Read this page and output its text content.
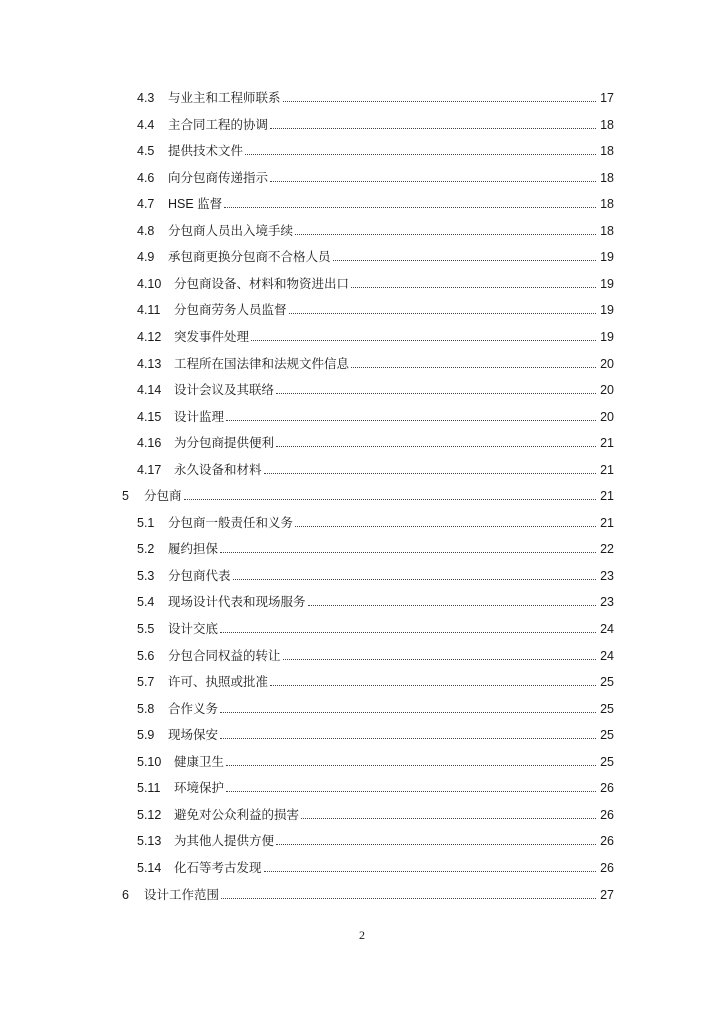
4.3	与业主和工程师联系	17
4.4	主合同工程的协调	18
4.5	提供技术文件	18
4.6	向分包商传递指示	18
4.7	HSE 监督	18
4.8	分包商人员出入境手续	18
4.9	承包商更换分包商不合格人员	19
4.10	分包商设备、材料和物资进出口	19
4.11	分包商劳务人员监督	19
4.12	突发事件处理	19
4.13	工程所在国法律和法规文件信息	20
4.14	设计会议及其联络	20
4.15	设计监理	20
4.16	为分包商提供便利	21
4.17	永久设备和材料	21
5	分包商	21
5.1	分包商一般责任和义务	21
5.2	履约担保	22
5.3	分包商代表	23
5.4	现场设计代表和现场服务	23
5.5	设计交底	24
5.6	分包合同权益的转让	24
5.7	许可、执照或批准	25
5.8	合作义务	25
5.9	现场保安	25
5.10	健康卫生	25
5.11	环境保护	26
5.12	避免对公众利益的损害	26
5.13	为其他人提供方便	26
5.14	化石等考古发现	26
6	设计工作范围	27
2
